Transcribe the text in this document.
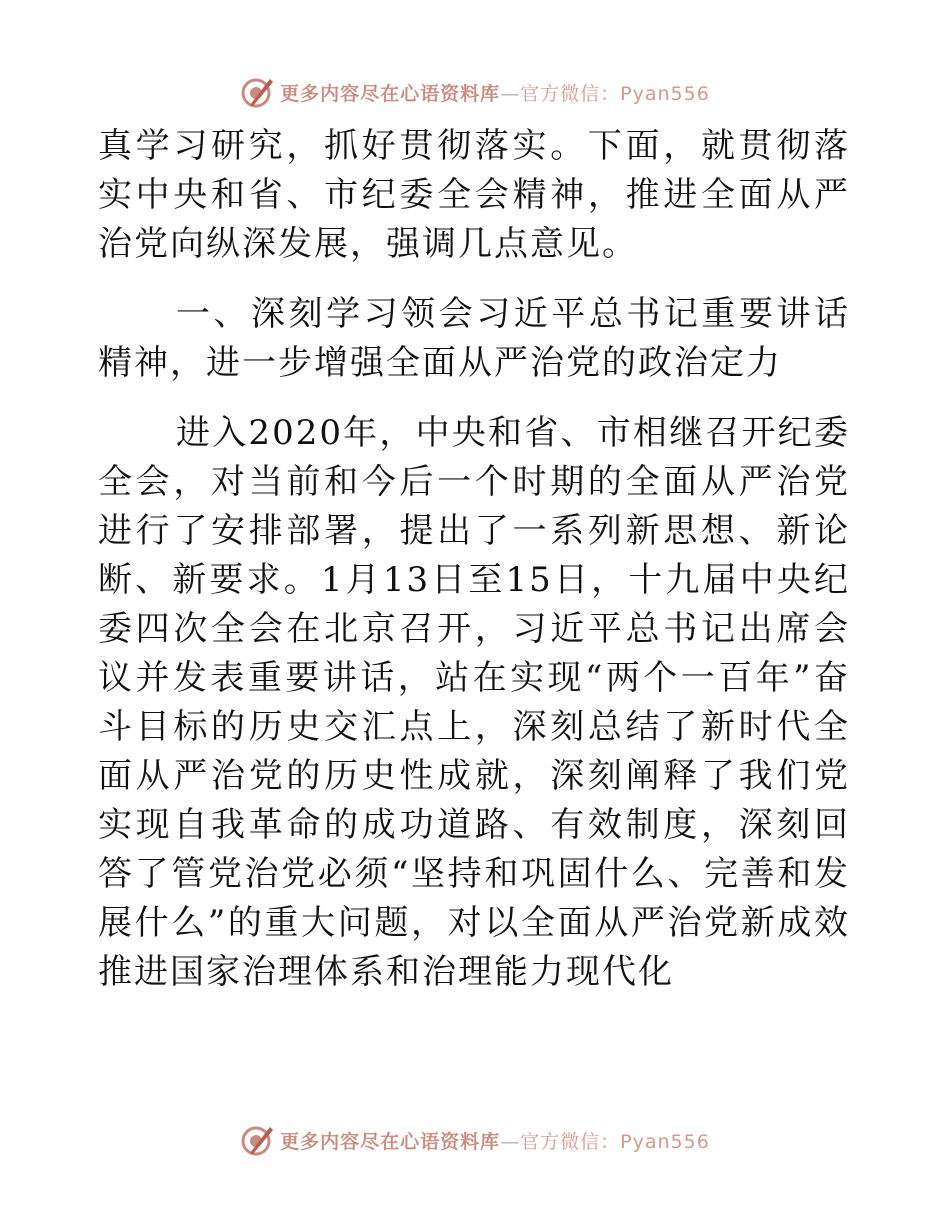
更多内容尽在心语资料库—官方微信：Pyan556

真学习研究，抓好贯彻落实。下面，就贯彻落实中央和省、市纪委全会精神，推进全面从严治党向纵深发展，强调几点意见。

一、深刻学习领会习近平总书记重要讲话精神，进一步增强全面从严治党的政治定力

进入2020年，中央和省、市相继召开纪委全会，对当前和今后一个时期的全面从严治党进行了安排部署，提出了一系列新思想、新论断、新要求。1月13日至15日，十九届中央纪委四次全会在北京召开，习近平总书记出席会议并发表重要讲话，站在实现“两个一百年”奋斗目标的历史交汇点上，深刻总结了新时代全面从严治党的历史性成就，深刻阐释了我们党实现自我革命的成功道路、有效制度，深刻回答了管党治党必须“坚持和巩固什么、完善和发展什么”的重大问题，对以全面从严治党新成效推进国家治理体系和治理能力现代化

更多内容尽在心语资料库—官方微信：Pyan556
